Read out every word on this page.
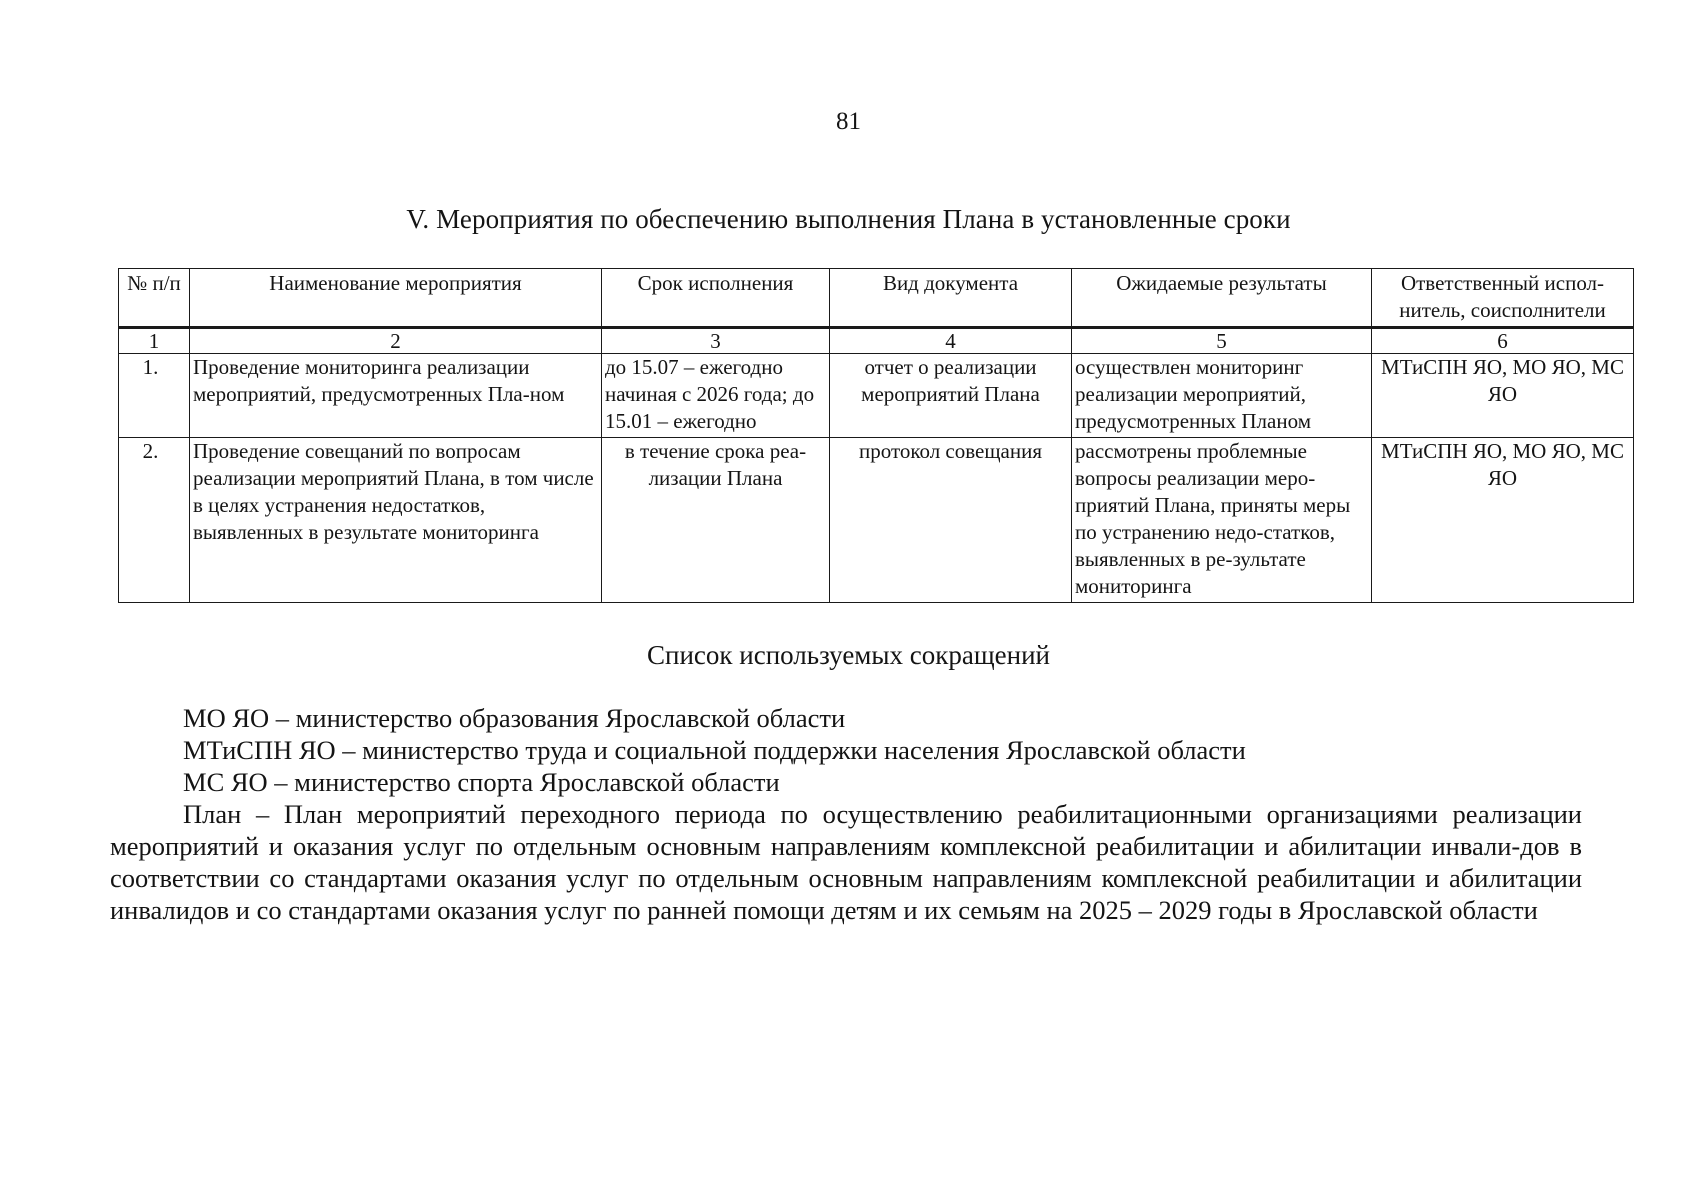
81
V. Мероприятия по обеспечению выполнения Плана в установленные сроки
№ п/п	Наименование мероприятия	Срок исполнения	Вид документа	Ожидаемые результаты	Ответственный испол-нитель, соисполнители
1	2	3	4	5	6
1.	Проведение мониторинга реализации мероприятий, предусмотренных Пла-ном	до 15.07 – ежегодно начиная с 2026 года; до 15.01 – ежегодно	отчет о реализации мероприятий Плана	осуществлен мониторинг реализации мероприятий, предусмотренных Планом	МТиСПН ЯО, МО ЯО, МС ЯО
2.	Проведение совещаний по вопросам реализации мероприятий Плана, в том числе в целях устранения недостатков, выявленных в результате мониторинга	в течение срока реа-лизации Плана	протокол совещания	рассмотрены проблемные вопросы реализации меро-приятий Плана, приняты меры по устранению недо-статков, выявленных в ре-зультате мониторинга	МТиСПН ЯО, МО ЯО, МС ЯО
Список используемых сокращений
МО ЯО – министерство образования Ярославской области
МТиСПН ЯО – министерство труда и социальной поддержки населения Ярославской области
МС ЯО – министерство спорта Ярославской области
План – План мероприятий переходного периода по осуществлению реабилитационными организациями реализации мероприятий и оказания услуг по отдельным основным направлениям комплексной реабилитации и абилитации инвали-дов в соответствии со стандартами оказания услуг по отдельным основным направлениям комплексной реабилитации и абилитации инвалидов и со стандартами оказания услуг по ранней помощи детям и их семьям на 2025 – 2029 годы в Ярославской области
